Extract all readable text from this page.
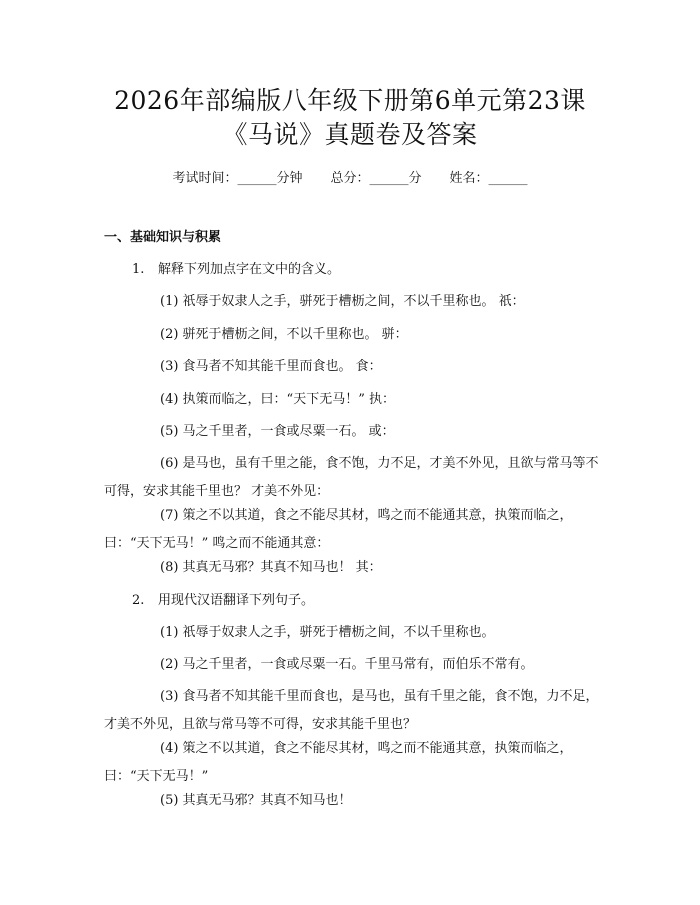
2026年部编版八年级下册第6单元第23课
《马说》真题卷及答案
考试时间：______分钟 总分：______分 姓名：______
一、基础知识与积累
1. 解释下列加点字在文中的含义。
(1) 祇辱于奴隶人之手，骈死于槽枥之间，不以千里称也。 祇：
(2) 骈死于槽枥之间，不以千里称也。 骈：
(3) 食马者不知其能千里而食也。 食：
(4) 执策而临之，曰：“天下无马！” 执：
(5) 马之千里者，一食或尽粟一石。 或：
(6) 是马也，虽有千里之能，食不饱，力不足，才美不外见，且欲与常马等不可得，安求其能千里也？ 才美不外见：
(7) 策之不以其道，食之不能尽其材，鸣之而不能通其意，执策而临之，曰：“天下无马！” 鸣之而不能通其意：
(8) 其真无马邪？其真不知马也！ 其：
2. 用现代汉语翻译下列句子。
(1) 祇辱于奴隶人之手，骈死于槽枥之间，不以千里称也。
(2) 马之千里者，一食或尽粟一石。千里马常有，而伯乐不常有。
(3) 食马者不知其能千里而食也，是马也，虽有千里之能，食不饱，力不足，才美不外见，且欲与常马等不可得，安求其能千里也？
(4) 策之不以其道，食之不能尽其材，鸣之而不能通其意，执策而临之，曰：“天下无马！”
(5) 其真无马邪？其真不知马也！
